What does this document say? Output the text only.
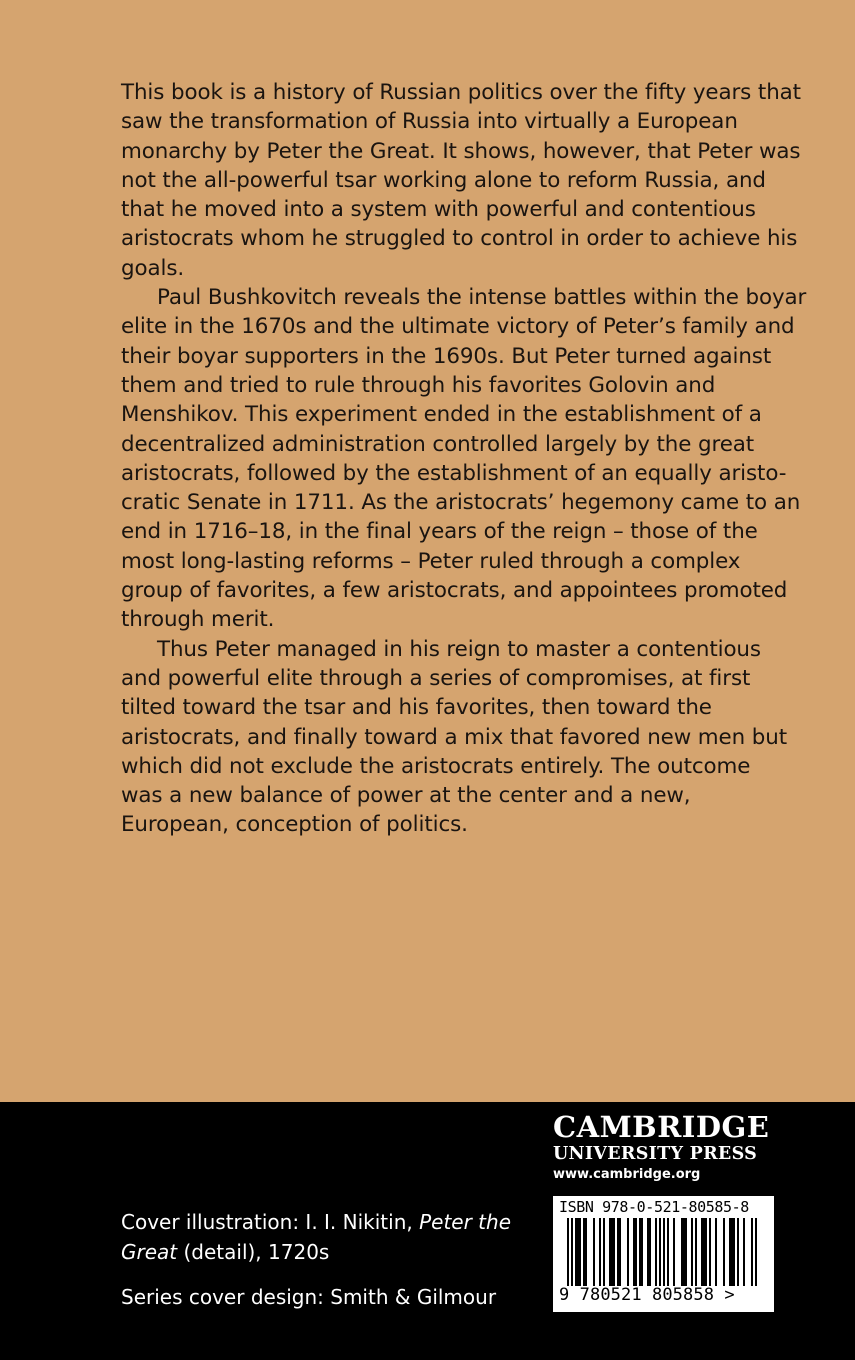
This book is a history of Russian politics over the fifty years that
saw the transformation of Russia into virtually a European
monarchy by Peter the Great. It shows, however, that Peter was
not the all-powerful tsar working alone to reform Russia, and
that he moved into a system with powerful and contentious
aristocrats whom he struggled to control in order to achieve his
goals.

Paul Bushkovitch reveals the intense battles within the boyar
elite in the 1670s and the ultimate victory of Peter’s family and
their boyar supporters in the 1690s. But Peter turned against
them and tried to rule through his favorites Golovin and
Menshikov. This experiment ended in the establishment of a
decentralized administration controlled largely by the great
aristocrats, followed by the establishment of an equally aristo-
cratic Senate in 1711. As the aristocrats’ hegemony came to an
end in 1716–18, in the final years of the reign – those of the
most long-lasting reforms – Peter ruled through a complex
group of favorites, a few aristocrats, and appointees promoted
through merit.

Thus Peter managed in his reign to master a contentious
and powerful elite through a series of compromises, at first
tilted toward the tsar and his favorites, then toward the
aristocrats, and finally toward a mix that favored new men but
which did not exclude the aristocrats entirely. The outcome
was a new balance of power at the center and a new,
European, conception of politics.

Cover illustration: I. I. Nikitin, Peter the
Great (detail), 1720s
Series cover design: Smith & Gilmour
CAMBRIDGE
UNIVERSITY PRESS
www.cambridge.org
ISBN 978-0-521-80585-8
9 780521 805858 >
